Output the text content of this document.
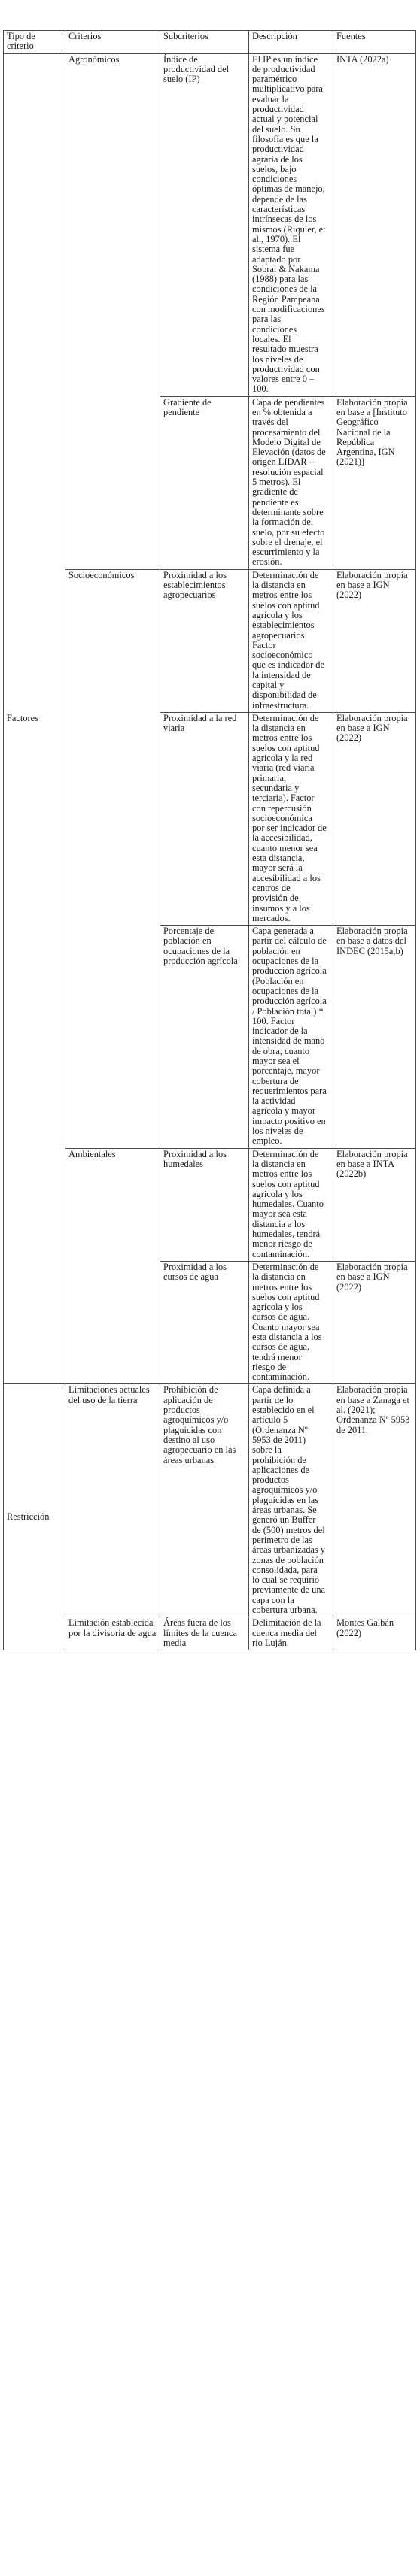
Tipo de criterio	Criterios	Subcriterios	Descripción	Fuentes
Factores	Agronómicos	Índice de productividad del suelo (IP)	El IP es un índice de productividad paramétrico multiplicativo para evaluar la productividad actual y potencial del suelo. Su filosofía es que la productividad agraria de los suelos, bajo condiciones óptimas de manejo, depende de las características intrínsecas de los mismos (Riquier, et al., 1970). El sistema fue adaptado por Sobral & Nakama (1988) para las condiciones de la Región Pampeana con modificaciones para las condiciones locales. El resultado muestra los niveles de productividad con valores entre 0 – 100.	INTA (2022a)
		Gradiente de pendiente	Capa de pendientes en % obtenida a través del procesamiento del Modelo Digital de Elevación (datos de origen LIDAR – resolución espacial 5 metros). El gradiente de pendiente es determinante sobre la formación del suelo, por su efecto sobre el drenaje, el escurrimiento y la erosión.	Elaboración propia en base a [Instituto Geográfico Nacional de la República Argentina, IGN (2021)]
	Socioeconómicos	Proximidad a los establecimientos agropecuarios	Determinación de la distancia en metros entre los suelos con aptitud agrícola y los establecimientos agropecuarios. Factor socioeconómico que es indicador de la intensidad de capital y disponibilidad de infraestructura.	Elaboración propia en base a IGN (2022)
		Proximidad a la red viaria	Determinación de la distancia en metros entre los suelos con aptitud agrícola y la red viaria (red viaria primaria, secundaria y terciaria). Factor con repercusión socioeconómica por ser indicador de la accesibilidad, cuanto menor sea esta distancia, mayor será la accesibilidad a los centros de provisión de insumos y a los mercados.	Elaboración propia en base a IGN (2022)
		Porcentaje de población en ocupaciones de la producción agrícola	Capa generada a partir del cálculo de población en ocupaciones de la producción agrícola (Población en ocupaciones de la producción agrícola / Población total) * 100. Factor indicador de la intensidad de mano de obra, cuanto mayor sea el porcentaje, mayor cobertura de requerimientos para la actividad agrícola y mayor impacto positivo en los niveles de empleo.	Elaboración propia en base a datos del INDEC (2015a,b)
	Ambientales	Proximidad a los humedales	Determinación de la distancia en metros entre los suelos con aptitud agrícola y los humedales. Cuanto mayor sea esta distancia a los humedales, tendrá menor riesgo de contaminación.	Elaboración propia en base a INTA (2022b)
		Proximidad a los cursos de agua	Determinación de la distancia en metros entre los suelos con aptitud agrícola y los cursos de agua. Cuanto mayor sea esta distancia a los cursos de agua, tendrá menor riesgo de contaminación.	Elaboración propia en base a IGN (2022)
Restricción	Limitaciones actuales del uso de la tierra	Prohibición de aplicación de productos agroquímicos y/o plaguicidas con destino al uso agropecuario en las áreas urbanas	Capa definida a partir de lo establecido en el artículo 5 (Ordenanza Nº 5953 de 2011) sobre la prohibición de aplicaciones de productos agroquímicos y/o plaguicidas en las áreas urbanas. Se generó un Buffer de (500) metros del perímetro de las áreas urbanizadas y zonas de población consolidada, para lo cual se requirió previamente de una capa con la cobertura urbana.	Elaboración propia en base a Zanaga et al. (2021); Ordenanza Nº 5953 de 2011.
	Limitación establecida por la divisoria de agua	Áreas fuera de los límites de la cuenca media	Delimitación de la cuenca media del río Luján.	Montes Galbán (2022)
